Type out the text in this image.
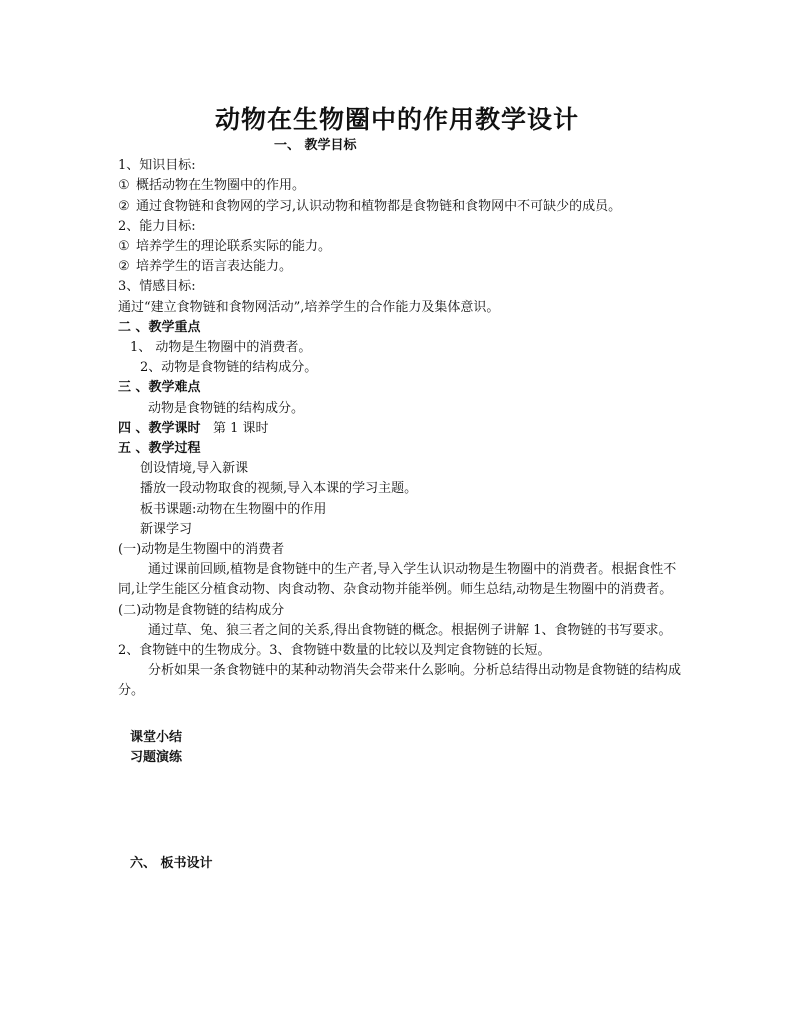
动物在生物圈中的作用教学设计
一、 教学目标
1、知识目标:
① 概括动物在生物圈中的作用。
② 通过食物链和食物网的学习,认识动物和植物都是食物链和食物网中不可缺少的成员。
2、能力目标:
① 培养学生的理论联系实际的能力。
② 培养学生的语言表达能力。
3、情感目标:
通过“建立食物链和食物网活动”,培养学生的合作能力及集体意识。
二 、教学重点
1、 动物是生物圈中的消费者。
2、动物是食物链的结构成分。
三 、教学难点
动物是食物链的结构成分。
四 、教学课时 第 1 课时
五 、教学过程
创设情境,导入新课
播放一段动物取食的视频,导入本课的学习主题。
板书课题:动物在生物圈中的作用
新课学习
(一)动物是生物圈中的消费者
通过课前回顾,植物是食物链中的生产者,导入学生认识动物是生物圈中的消费者。根据食性不同,让学生能区分植食动物、肉食动物、杂食动物并能举例。师生总结,动物是生物圈中的消费者。
(二)动物是食物链的结构成分
通过草、兔、狼三者之间的关系,得出食物链的概念。根据例子讲解 1、食物链的书写要求。2、食物链中的生物成分。3、食物链中数量的比较以及判定食物链的长短。
分析如果一条食物链中的某种动物消失会带来什么影响。分析总结得出动物是食物链的结构成分。
课堂小结
习题演练
六、 板书设计
